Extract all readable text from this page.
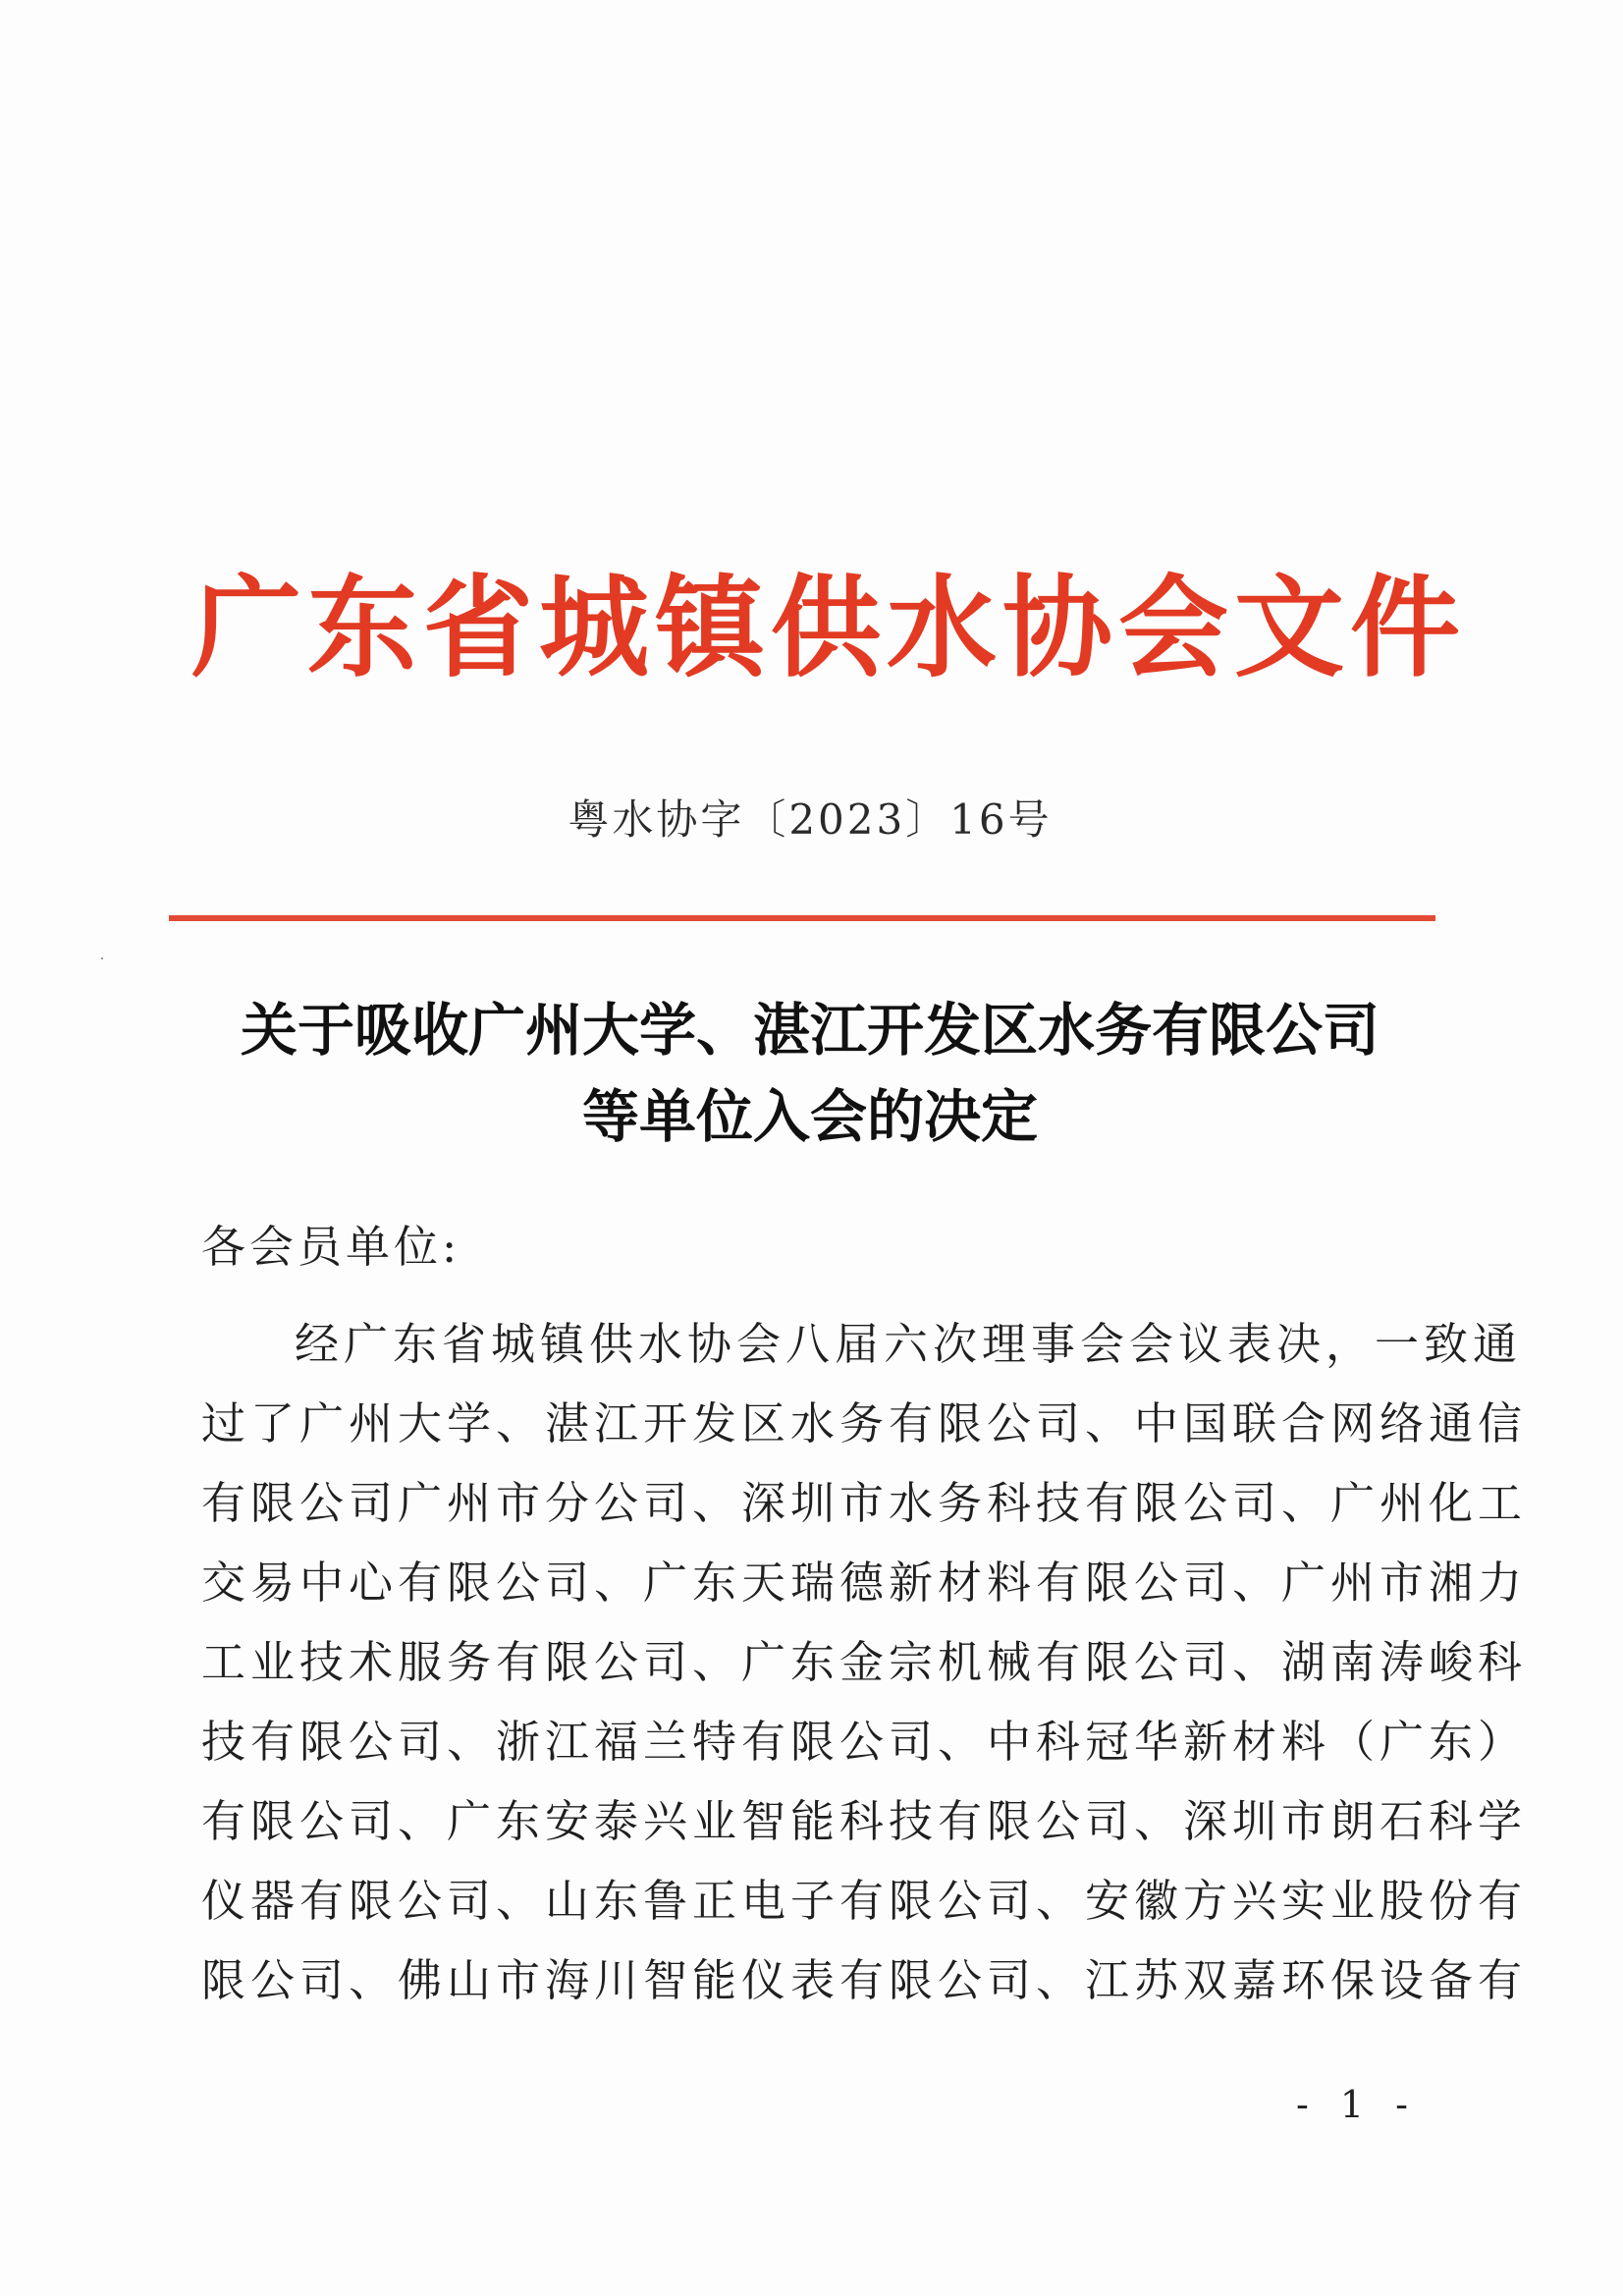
广东省城镇供水协会文件
粤水协字〔2023〕16号
关于吸收广州大学、湛江开发区水务有限公司
等单位入会的决定
各会员单位:
经广东省城镇供水协会八届六次理事会会议表决，一致通
过了广州大学、湛江开发区水务有限公司、中国联合网络通信
有限公司广州市分公司、深圳市水务科技有限公司、广州化工
交易中心有限公司、广东天瑞德新材料有限公司、广州市湘力
工业技术服务有限公司、广东金宗机械有限公司、湖南涛峻科
技有限公司、浙江福兰特有限公司、中科冠华新材料（广东）
有限公司、广东安泰兴业智能科技有限公司、深圳市朗石科学
仪器有限公司、山东鲁正电子有限公司、安徽方兴实业股份有
限公司、佛山市海川智能仪表有限公司、江苏双嘉环保设备有
- 1 -
